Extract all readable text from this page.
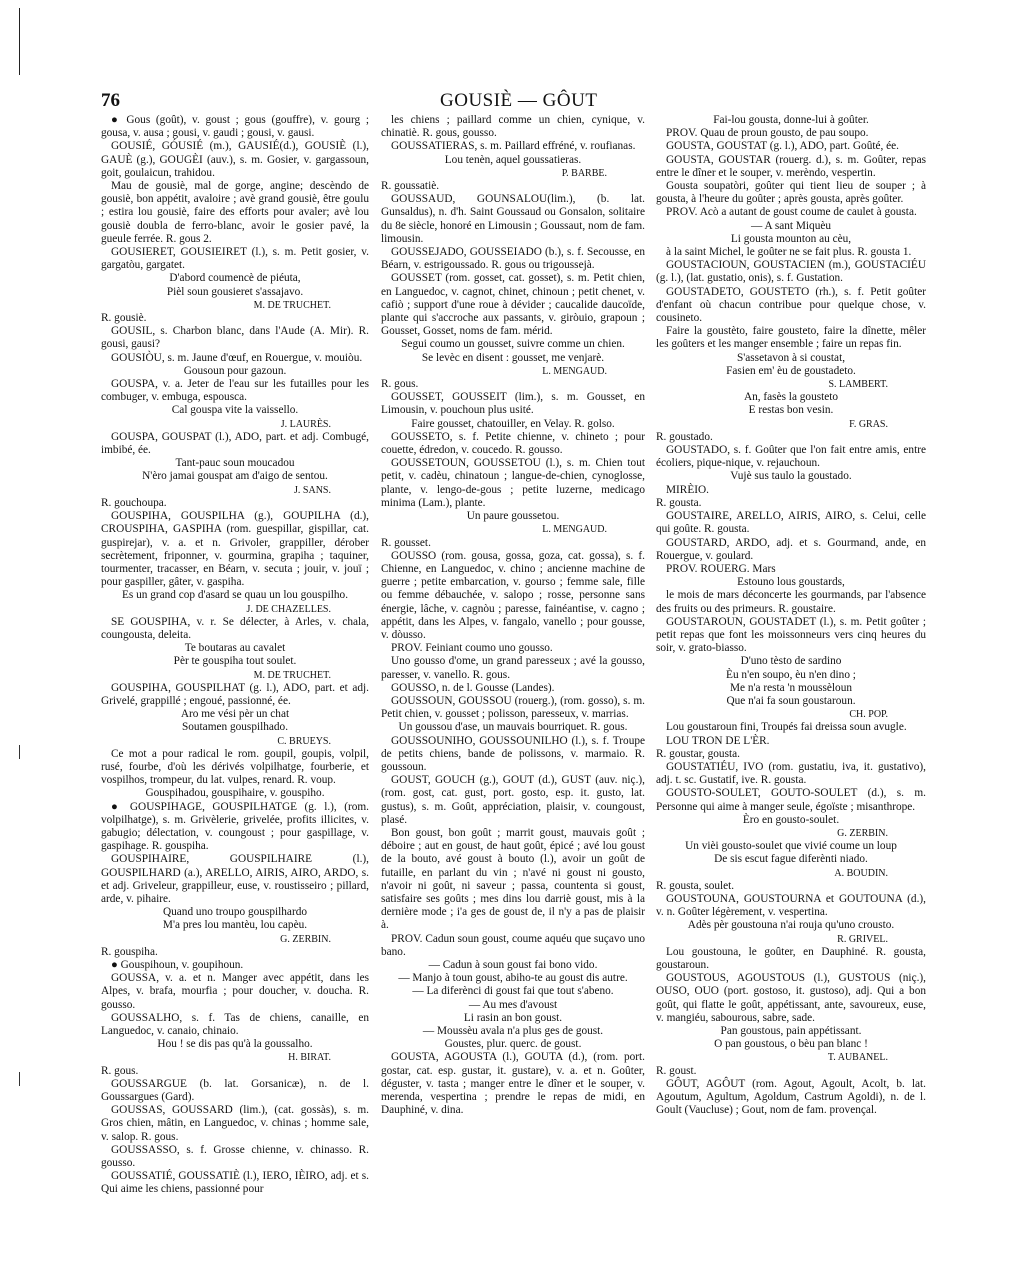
76	GOUSIÈ — GÔUT

● Gous (goût), v. goust ; gous (gouffre), v. gourg ; gousa, v. ausa ; gousi, v. gaudi ; gousi, v. gausi.

GOUSIÉ, GÓUSIÉ (m.), GAUSIÉ(d.), GOUSIÈ (l.), GAUÈ (g.), GOUGÈI (auv.), s. m. Gosier, v. gargassoun, goit, goulaicun, trahidou.

Mau de gousiè, mal de gorge, angine; descèndo de gousiè, bon appétit, avaloire ; avè grand gousiè, être goulu ; estira lou gousiè, faire des efforts pour avaler; avè lou gousiè doubla de ferro-blanc, avoir le gosier pavé, la gueule ferrée. R. gous 2.

GOUSIERET, GOUSIEIRET (l.), s. m. Petit gosier, v. gargatòu, gargatet.

D'abord coumencè de piéuta,

Pièl soun gousieret s'assajavo.

M. DE TRUCHET.

R. gousiè.

GOUSIL, s. Charbon blanc, dans l'Aude (A. Mir). R. gousi, gausi?

GOUSIÒU, s. m. Jaune d'œuf, en Rouergue, v. mouiòu.

Gousoun pour gazoun.

GOUSPA, v. a. Jeter de l'eau sur les futailles pour les combuger, v. embuga, espousca.

Cal gouspa vite la vaissello.

J. LAURÈS.

GOUSPA, GOUSPAT (l.), ADO, part. et adj. Combugé, imbibé, ée.

Tant-pauc soun moucadou

N'èro jamai gouspat am d'aigo de sentou.

J. SANS.

R. gouchoupa.

GOUSPIHA, GOUSPILHA (g.), GOUPILHA (d.), CROUSPIHA, GASPIHA (rom. guespillar, gispillar, cat. guspirejar), v. a. et n. Grivoler, grappiller, dérober secrètement, friponner, v. gourmina, grapiha ; taquiner, tourmenter, tracasser, en Béarn, v. secuta ; jouir, v. jouï ; pour gaspiller, gâter, v. gaspiha.

Es un grand cop d'asard se quau un lou gouspilho.

J. DE CHAZELLES.

SE GOUSPIHA, v. r. Se délecter, à Arles, v. chala, coungousta, deleita.

Te boutaras au cavalet

Pèr te gouspiha tout soulet.

M. DE TRUCHET.

GOUSPIHA, GOUSPILHAT (g. l.), ADO, part. et adj. Grivelé, grappillé ; engoué, passionné, ée.

Aro me vési pèr un chat

Soutamen gouspilhado.

C. BRUEYS.

Ce mot a pour radical le rom. goupil, goupis, volpil, rusé, fourbe, d'où les dérivés volpilhatge, fourberie, et vospilhos, trompeur, du lat. vulpes, renard. R. voup.

Gouspihadou, gouspihaire, v. gouspiho.

● GOUSPIHAGE, GOUSPILHATGE (g. l.), (rom. volpilhatge), s. m. Grivèlerie, grivelée, profits illicites, v. gabugio; délectation, v. coungoust ; pour gaspillage, v. gaspihage. R. gouspiha.

GOUSPIHAIRE, GOUSPILHAIRE (l.), GOUSPILHARD (a.), ARELLO, AIRIS, AIRO, ARDO, s. et adj. Griveleur, grappilleur, euse, v. roustisseiro ; pillard, arde, v. pihaire.

Quand uno troupo gouspilhardo

M'a pres lou mantèu, lou capèu.

G. ZERBIN.

R. gouspiha.

● Gouspihoun, v. goupihoun.

GOUSSA, v. a. et n. Manger avec appétit, dans les Alpes, v. brafa, mourfia ; pour doucher, v. doucha. R. gousso.

GOUSSALHO, s. f. Tas de chiens, canaille, en Languedoc, v. canaio, chinaio.

Hou ! se dis pas qu'à la goussalho.

H. BIRAT.

R. gous.

GOUSSARGUE (b. lat. Gorsanicæ), n. de l. Goussargues (Gard).

GOUSSAS, GOUSSARD (lim.), (cat. gossàs), s. m. Gros chien, mâtin, en Languedoc, v. chinas ; homme sale, v. salop. R. gous.

GOUSSASSO, s. f. Grosse chienne, v. chinasso. R. gousso.

GOUSSATIÉ, GOUSSATIÈ (l.), IERO, IÈIRO, adj. et s. Qui aime les chiens, passionné pour

les chiens ; paillard comme un chien, cynique, v. chinatiè. R. gous, gousso.

GOUSSATIERAS, s. m. Paillard effréné, v. roufianas.

Lou tenèn, aquel goussatieras.

P. BARBE.

R. goussatiè.

GOUSSAUD, GOUNSALOU(lim.), (b. lat. Gunsaldus), n. d'h. Saint Goussaud ou Gonsalon, solitaire du 8e siècle, honoré en Limousin ; Goussaut, nom de fam. limousin.

GOUSSEJADO, GOUSSEIADO (b.), s. f. Secousse, en Béarn, v. estrigoussado. R. gous ou trigoussejà.

GOUSSET (rom. gosset, cat. gosset), s. m. Petit chien, en Languedoc, v. cagnot, chinet, chinoun ; petit chenet, v. cafiò ; support d'une roue à dévider ; caucalide daucoïde, plante qui s'accroche aux passants, v. giròuio, grapoun ; Gousset, Gosset, noms de fam. mérid.

Segui coumo un gousset, suivre comme un chien.

Se levèc en disent : gousset, me venjarè.

L. MENGAUD.

R. gous.

GOUSSET, GOUSSEIT (lim.), s. m. Gousset, en Limousin, v. pouchoun plus usité.

Faire gousset, chatouiller, en Velay. R. golso.

GOUSSETO, s. f. Petite chienne, v. chineto ; pour couette, édredon, v. coucedo. R. gousso.

GOUSSETOUN, GOUSSETOU (l.), s. m. Chien tout petit, v. cadèu, chinatoun ; langue-de-chien, cynoglosse, plante, v. lengo-de-gous ; petite luzerne, medicago minima (Lam.), plante.

Un paure goussetou.

L. MENGAUD.

R. gousset.

GOUSSO (rom. gousa, gossa, goza, cat. gossa), s. f. Chienne, en Languedoc, v. chino ; ancienne machine de guerre ; petite embarcation, v. gourso ; femme sale, fille ou femme débauchée, v. salopo ; rosse, personne sans énergie, lâche, v. cagnòu ; paresse, fainéantise, v. cagno ; appétit, dans les Alpes, v. fangalo, vanello ; pour gousse, v. dòusso.

PROV. Feiniant coumo uno gousso.

Uno gousso d'ome, un grand paresseux ; avé la gousso, paresser, v. vanello. R. gous.

GOUSSO, n. de l. Gousse (Landes).

GOUSSOUN, GOUSSOU (rouerg.), (rom. gosso), s. m. Petit chien, v. gousset ; polisson, paresseux, v. marrias.

Un goussou d'ase, un mauvais bourriquet. R. gous.

GOUSSOUNIHO, GOUSSOUNILHO (l.), s. f. Troupe de petits chiens, bande de polissons, v. marmaio. R. goussoun.

GOUST, GOUCH (g.), GOUT (d.), GUST (auv. niç.), (rom. gost, cat. gust, port. gosto, esp. it. gusto, lat. gustus), s. m. Goût, appréciation, plaisir, v. coungoust, plasé.

Bon goust, bon goût ; marrit goust, mauvais goût ; déboire ; aut en goust, de haut goût, épicé ; avé lou goust de la bouto, avé goust à bouto (l.), avoir un goût de futaille, en parlant du vin ; n'avé ni goust ni gousto, n'avoir ni goût, ni saveur ; passa, countenta si goust, satisfaire ses goûts ; mes dins lou darriè goust, mis à la dernière mode ; i'a ges de goust de, il n'y a pas de plaisir à.

PROV. Cadun soun goust, coume aquéu que suçavo uno bano.

— Cadun à soun goust fai bono vido.

— Manjo à toun goust, abiho-te au goust dis autre.

— La diferènci di goust fai que tout s'abeno.

— Au mes d'avoust

Li rasin an bon goust.

— Moussèu avala n'a plus ges de goust.

Goustes, plur. querc. de goust.

GOUSTA, AGOUSTA (l.), GOUTA (d.), (rom. port. gostar, cat. esp. gustar, it. gustare), v. a. et n. Goûter, déguster, v. tasta ; manger entre le dîner et le souper, v. merenda, vespertina ; prendre le repas de midi, en Dauphiné, v. dina.

Fai-lou gousta, donne-lui à goûter.

PROV. Quau de proun gousto, de pau soupo.

GOUSTA, GOUSTAT (g. l.), ADO, part. Goûté, ée.

GOUSTA, GOUSTAR (rouerg. d.), s. m. Goûter, repas entre le dîner et le souper, v. merèndo, vespertin.

Gousta soupatòri, goûter qui tient lieu de souper ; à gousta, à l'heure du goûter ; après gousta, après goûter.

PROV. Acò a autant de goust coume de caulet à gousta.

— A sant Miquèu

Li gousta mounton au cèu,

à la saint Michel, le goûter ne se fait plus. R. gousta 1.

GOUSTACIOUN, GOUSTACIEN (m.), GOUSTACIÉU (g. l.), (lat. gustatio, onis), s. f. Gustation.

GOUSTADETO, GOUSTETO (rh.), s. f. Petit goûter d'enfant où chacun contribue pour quelque chose, v. cousineto.

Faire la goustèto, faire gousteto, faire la dînette, mêler les goûters et les manger ensemble ; faire un repas fin.

S'assetavon à si coustat,

Fasien em' èu de goustadeto.

S. LAMBERT.

An, fasès la gousteto

E restas bon vesin.

F. GRAS.

R. goustado.

GOUSTADO, s. f. Goûter que l'on fait entre amis, entre écoliers, pique-nique, v. rejauchoun.

Vujè sus taulo la goustado.

MIRÈIO.

R. gousta.

GOUSTAIRE, ARELLO, AIRIS, AIRO, s. Celui, celle qui goûte. R. gousta.

GOUSTARD, ARDO, adj. et s. Gourmand, ande, en Rouergue, v. goulard.

PROV. ROUERG. Mars

Estouno lous goustards,

le mois de mars déconcerte les gourmands, par l'absence des fruits ou des primeurs. R. goustaire.

GOUSTAROUN, GOUSTADET (l.), s. m. Petit goûter ; petit repas que font les moissonneurs vers cinq heures du soir, v. grato-biasso.

D'uno tèsto de sardino

Èu n'en soupo, èu n'en dino ;

Me n'a resta 'n moussèloun

Que n'ai fa soun goustaroun.

CH. POP.

Lou goustaroun fini, Troupés fai dreissa soun avugle.

LOU TRON DE L'ÈR.

R. goustar, gousta.

GOUSTATIÉU, IVO (rom. gustatiu, iva, it. gustativo), adj. t. sc. Gustatif, ive. R. gousta.

GOUSTO-SOULET, GOUTO-SOULET (d.), s. m. Personne qui aime à manger seule, égoïste ; misanthrope.

Èro en gousto-soulet.

G. ZERBIN.

Un vièi gousto-soulet que vivié coume un loup

De sis escut fague diferènti niado.

A. BOUDIN.

R. gousta, soulet.

GOUSTOUNA, GOUSTOURNA et GOUTOUNA (d.), v. n. Goûter légèrement, v. vespertina.

Adès pèr goustouna n'ai rouja qu'uno crousto.

R. GRIVEL.

Lou goustouna, le goûter, en Dauphiné. R. gousta, goustaroun.

GOUSTOUS, AGOUSTOUS (l.), GUSTOUS (niç.), OUSO, OUO (port. gostoso, it. gustoso), adj. Qui a bon goût, qui flatte le goût, appétissant, ante, savoureux, euse, v. mangiéu, sabourous, sabre, sade.

Pan goustous, pain appétissant.

O pan goustous, o bèu pan blanc !

T. AUBANEL.

R. goust.

GÔUT, AGÔUT (rom. Agout, Agoult, Acolt, b. lat. Agoutum, Agultum, Agoldum, Castrum Agoldi), n. de l. Goult (Vaucluse) ; Gout, nom de fam. provençal.
